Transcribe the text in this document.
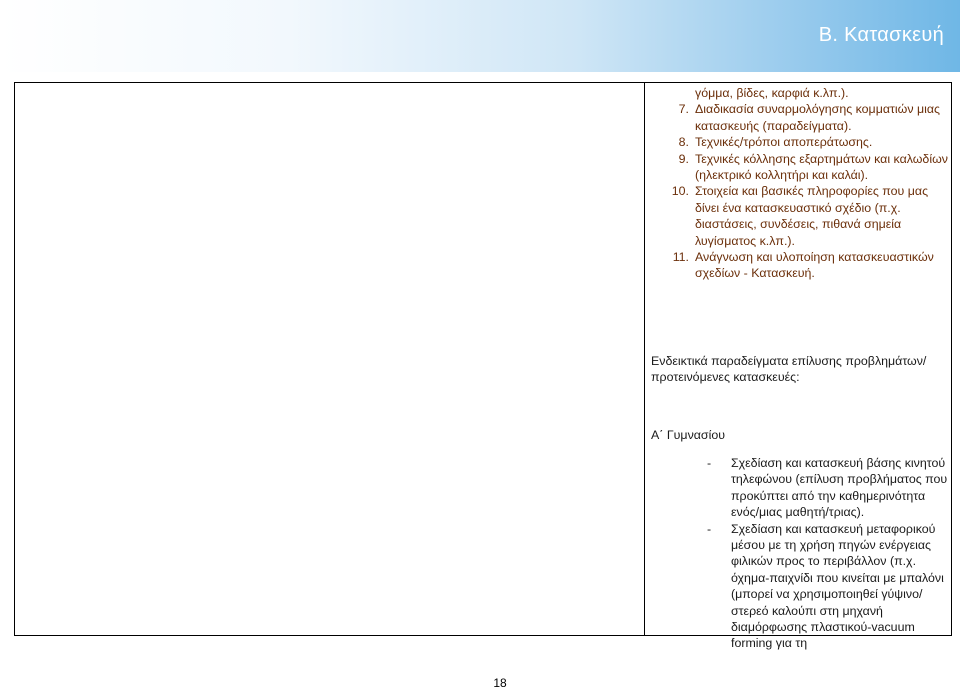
Β. Κατασκευή
γόμμα, βίδες, καρφιά κ.λπ.).
7. Διαδικασία συναρμολόγησης κομματιών μιας κατασκευής (παραδείγματα).
8. Τεχνικές/τρόποι αποπεράτωσης.
9. Τεχνικές κόλλησης εξαρτημάτων και καλωδίων (ηλεκτρικό κολλητήρι και καλάι).
10. Στοιχεία και βασικές πληροφορίες που μας δίνει ένα κατασκευαστικό σχέδιο (π.χ. διαστάσεις, συνδέσεις, πιθανά σημεία λυγίσματος κ.λπ.).
11. Ανάγνωση και υλοποίηση κατασκευαστικών σχεδίων - Κατασκευή.
Ενδεικτικά παραδείγματα επίλυσης προβλημάτων/ προτεινόμενες κατασκευές:
Α΄ Γυμνασίου
- Σχεδίαση και κατασκευή βάσης κινητού τηλεφώνου (επίλυση προβλήματος που προκύπτει από την καθημερινότητα ενός/μιας μαθητή/τριας).
- Σχεδίαση και κατασκευή μεταφορικού μέσου με τη χρήση πηγών ενέργειας φιλικών προς το περιβάλλον (π.χ. όχημα-παιχνίδι που κινείται με μπαλόνι (μπορεί να χρησιμοποιηθεί γύψινο/στερεό καλούπι στη μηχανή διαμόρφωσης πλαστικού-vacuum forming για τη
18
